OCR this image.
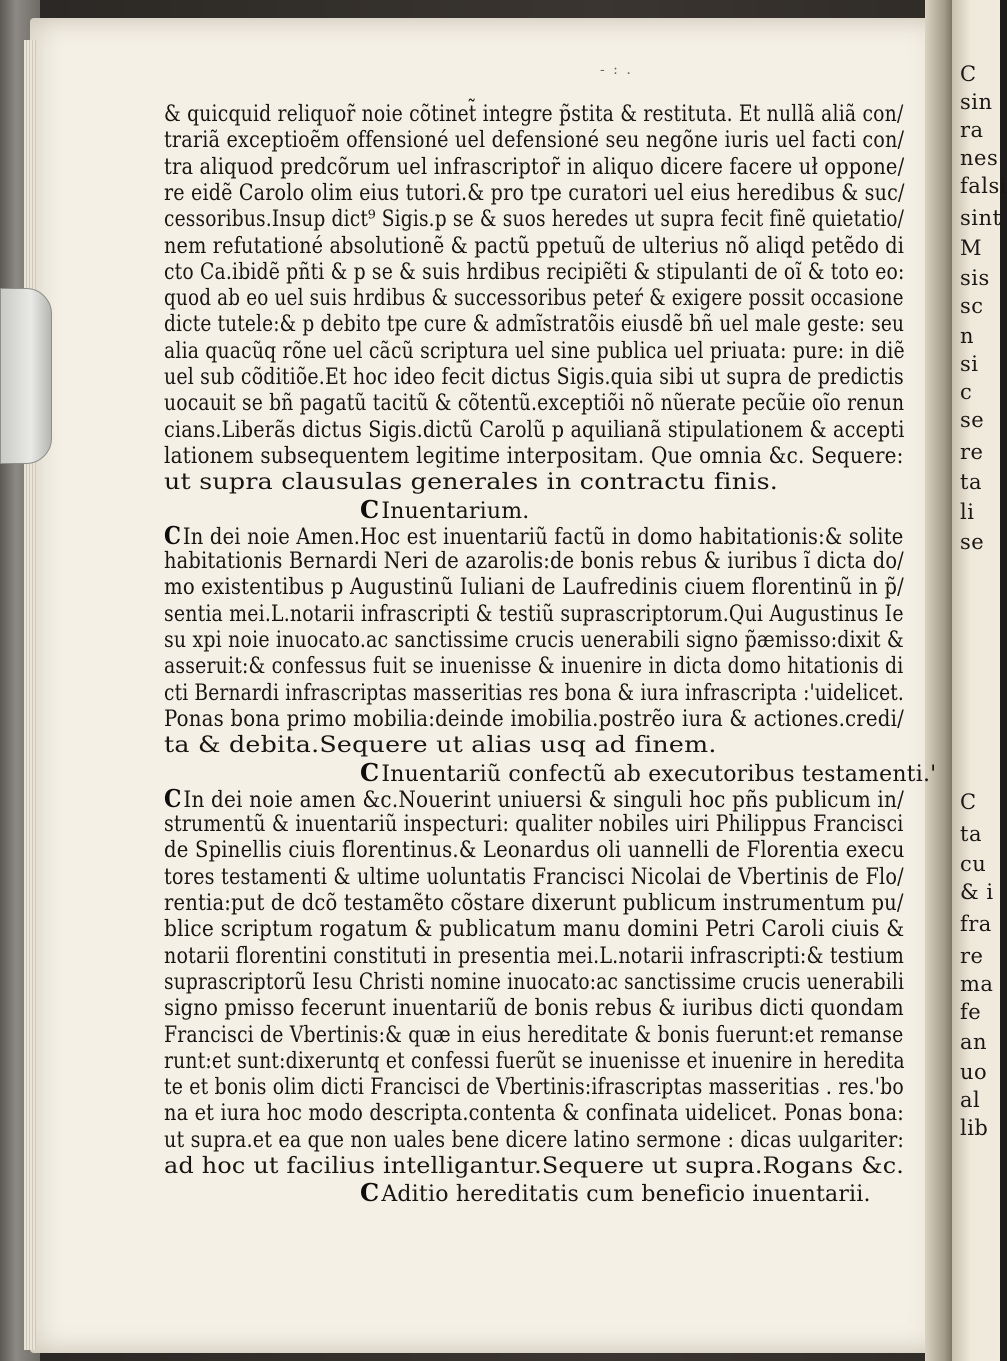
C
sin
ra
nes
falsi
sint
M
sis
sc
n
si
c
se
re
ta
li
se
C
ta
cu
& i
fra
re
ma
fe
an
uo
al
lib
- : .
& quicquid reliquor̃ noie cõtinet̃ integre p̃stita & restituta. Et nullã aliã con/
trariã exceptioẽm offensioné uel defensioné seu negõne iuris uel facti con/
tra aliquod predcõrum uel infrascriptor̃ in aliquo dicere facere uł oppone/
re eidẽ Carolo olim eius tutori.& pro tpe curatori uel eius heredibus & suc/
cessoribus.Insup dict⁹ Sigis.p se & suos heredes ut supra fecit finẽ quietatio/
nem refutationé absolutionẽ & pactũ ppetuũ de ulterius nõ aliqd petẽdo di
cto Ca.ibidẽ pñti & p se & suis hrdibus recipiẽti & stipulanti de oĩ & toto eo:
quod ab eo uel suis hrdibus & successoribus peteŕ & exigere possit occasione
dicte tutele:& p debito tpe cure & admĩstratõis eiusdẽ bñ uel male geste: seu
alia quacũq rõne uel cãcũ scriptura uel sine publica uel priuata: pure: in diẽ
uel sub cõditiõe.Et hoc ideo fecit dictus Sigis.quia sibi ut supra de predictis
uocauit se bñ pagatũ tacitũ & cõtentũ.exceptiõi nõ nũerate pecũie oĩo renun
cians.Liberãs dictus Sigis.dictũ Carolũ p aquilianã stipulationem & accepti
lationem subsequentem legitime interpositam. Que omnia &c. Sequere:
ut supra clausulas generales in contractu finis.
CInuentarium.
CIn dei noie Amen.Hoc est inuentariũ factũ in domo habitationis:& solite
habitationis Bernardi Neri de azarolis:de bonis rebus & iuribus ĩ dicta do/
mo existentibus p Augustinũ Iuliani de Laufredinis ciuem florentinũ in p̃/
sentia mei.L.notarii infrascripti & testiũ suprascriptorum.Qui Augustinus Ie
su xpi noie inuocato.ac sanctissime crucis uenerabili signo p̃æmisso:dixit &
asseruit:& confessus fuit se inuenisse & inuenire in dicta domo hitationis di
cti Bernardi infrascriptas masseritias res bona & iura infrascripta :'uidelicet.
Ponas bona primo mobilia:deinde imobilia.postrẽo iura & actiones.credi/
ta & debita.Sequere ut alias usq ad finem.
CInuentariũ confectũ ab executoribus testamenti.'
CIn dei noie amen &c.Nouerint uniuersi & singuli hoc pñs publicum in/
strumentũ & inuentariũ inspecturi: qualiter nobiles uiri Philippus Francisci
de Spinellis ciuis florentinus.& Leonardus oli uannelli de Florentia execu
tores testamenti & ultime uoluntatis Francisci Nicolai de Vbertinis de Flo/
rentia:put de dcõ testamẽto cõstare dixerunt publicum instrumentum pu/
blice scriptum rogatum & publicatum manu domini Petri Caroli ciuis &
notarii florentini constituti in presentia mei.L.notarii infrascripti:& testium
suprascriptorũ Iesu Christi nomine inuocato:ac sanctissime crucis uenerabili
signo pmisso fecerunt inuentariũ de bonis rebus & iuribus dicti quondam
Francisci de Vbertinis:& quæ in eius hereditate & bonis fuerunt:et remanse
runt:et sunt:dixeruntq et confessi fuerũt se inuenisse et inuenire in heredita
te et bonis olim dicti Francisci de Vbertinis:ifrascriptas masseritias . res.'bo
na et iura hoc modo descripta.contenta & confinata uidelicet. Ponas bona:
ut supra.et ea que non uales bene dicere latino sermone : dicas uulgariter:
ad hoc ut facilius intelligantur.Sequere ut supra.Rogans &c.
CAditio hereditatis cum beneficio inuentarii.
